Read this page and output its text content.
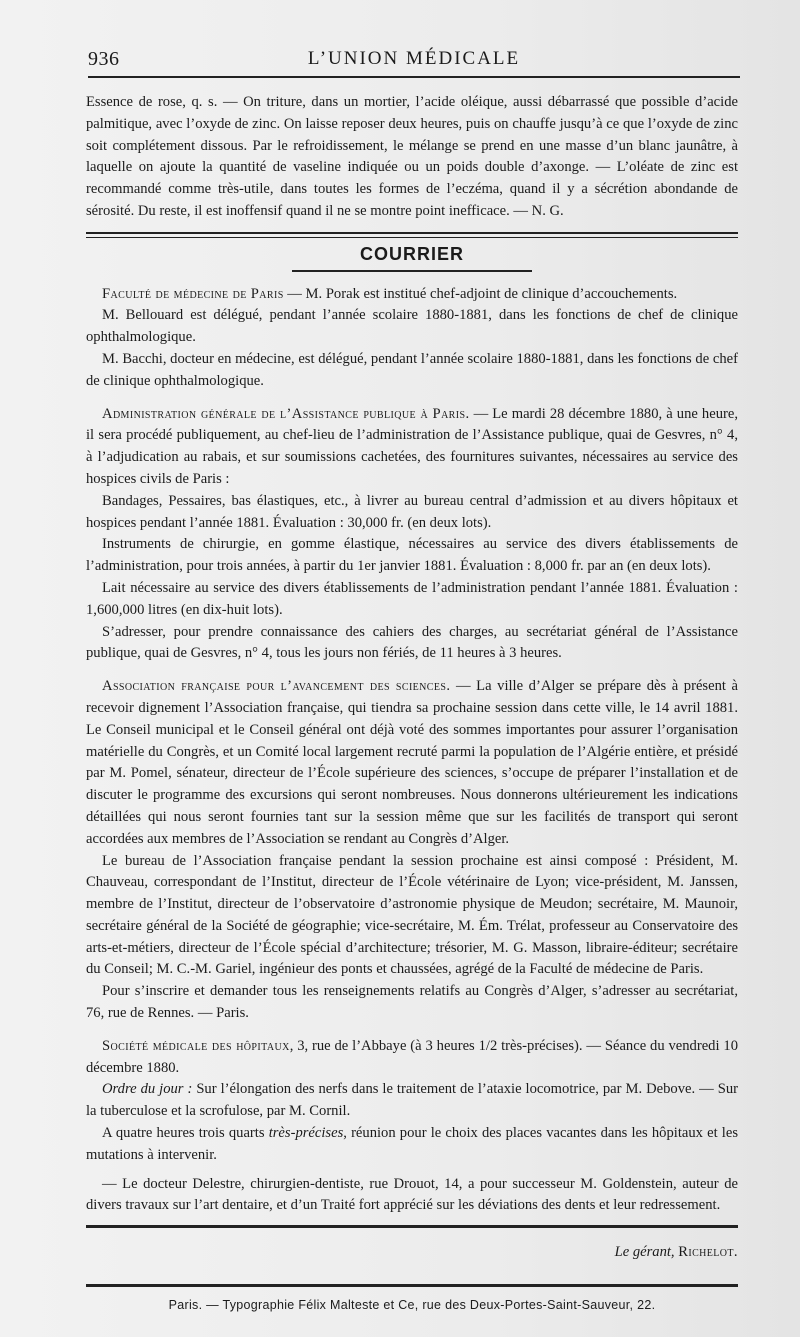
936	L’UNION MÉDICALE

Essence de rose, q. s. — On triture, dans un mortier, l’acide oléique, aussi débarrassé que possible d’acide palmitique, avec l’oxyde de zinc. On laisse reposer deux heures, puis on chauffe jusqu’à ce que l’oxyde de zinc soit complétement dissous. Par le refroidissement, le mélange se prend en une masse d’un blanc jaunâtre, à laquelle on ajoute la quantité de vaseline indiquée ou un poids double d’axonge. — L’oléate de zinc est recommandé comme très-utile, dans toutes les formes de l’eczéma, quand il y a sécrétion abondande de sérosité. Du reste, il est inoffensif quand il ne se montre point inefficace. — N. G.

COURRIER

Faculté de médecine de Paris — M. Porak est institué chef-adjoint de clinique d’accouchements.

M. Bellouard est délégué, pendant l’année scolaire 1880-1881, dans les fonctions de chef de clinique ophthalmologique.

M. Bacchi, docteur en médecine, est délégué, pendant l’année scolaire 1880-1881, dans les fonctions de chef de clinique ophthalmologique.

Administration générale de l’Assistance publique à Paris. — Le mardi 28 décembre 1880, à une heure, il sera procédé publiquement, au chef-lieu de l’administration de l’Assistance publique, quai de Gesvres, n° 4, à l’adjudication au rabais, et sur soumissions cachetées, des fournitures suivantes, nécessaires au service des hospices civils de Paris :

Bandages, Pessaires, bas élastiques, etc., à livrer au bureau central d’admission et au divers hôpitaux et hospices pendant l’année 1881. Évaluation : 30,000 fr. (en deux lots).

Instruments de chirurgie, en gomme élastique, nécessaires au service des divers établissements de l’administration, pour trois années, à partir du 1er janvier 1881. Évaluation : 8,000 fr. par an (en deux lots).

Lait nécessaire au service des divers établissements de l’administration pendant l’année 1881. Évaluation : 1,600,000 litres (en dix-huit lots).

S’adresser, pour prendre connaissance des cahiers des charges, au secrétariat général de l’Assistance publique, quai de Gesvres, n° 4, tous les jours non fériés, de 11 heures à 3 heures.

Association française pour l’avancement des sciences. — La ville d’Alger se prépare dès à présent à recevoir dignement l’Association française, qui tiendra sa prochaine session dans cette ville, le 14 avril 1881. Le Conseil municipal et le Conseil général ont déjà voté des sommes importantes pour assurer l’organisation matérielle du Congrès, et un Comité local largement recruté parmi la population de l’Algérie entière, et présidé par M. Pomel, sénateur, directeur de l’École supérieure des sciences, s’occupe de préparer l’installation et de discuter le programme des excursions qui seront nombreuses. Nous donnerons ultérieurement les indications détaillées qui nous seront fournies tant sur la session même que sur les facilités de transport qui seront accordées aux membres de l’Association se rendant au Congrès d’Alger.

Le bureau de l’Association française pendant la session prochaine est ainsi composé : Président, M. Chauveau, correspondant de l’Institut, directeur de l’École vétérinaire de Lyon; vice-président, M. Janssen, membre de l’Institut, directeur de l’observatoire d’astronomie physique de Meudon; secrétaire, M. Maunoir, secrétaire général de la Société de géographie; vice-secrétaire, M. Ém. Trélat, professeur au Conservatoire des arts-et-métiers, directeur de l’École spécial d’architecture; trésorier, M. G. Masson, libraire-éditeur; secrétaire du Conseil; M. C.-M. Gariel, ingénieur des ponts et chaussées, agrégé de la Faculté de médecine de Paris.

Pour s’inscrire et demander tous les renseignements relatifs au Congrès d’Alger, s’adresser au secrétariat, 76, rue de Rennes. — Paris.

Société médicale des hôpitaux, 3, rue de l’Abbaye (à 3 heures 1/2 très-précises). — Séance du vendredi 10 décembre 1880.

Ordre du jour : Sur l’élongation des nerfs dans le traitement de l’ataxie locomotrice, par M. Debove. — Sur la tuberculose et la scrofulose, par M. Cornil.

A quatre heures trois quarts très-précises, réunion pour le choix des places vacantes dans les hôpitaux et les mutations à intervenir.

— Le docteur Delestre, chirurgien-dentiste, rue Drouot, 14, a pour successeur M. Goldenstein, auteur de divers travaux sur l’art dentaire, et d’un Traité fort apprécié sur les déviations des dents et leur redressement.

Le gérant, Richelot.
Paris. — Typographie Félix Malteste et Ce, rue des Deux-Portes-Saint-Sauveur, 22.
